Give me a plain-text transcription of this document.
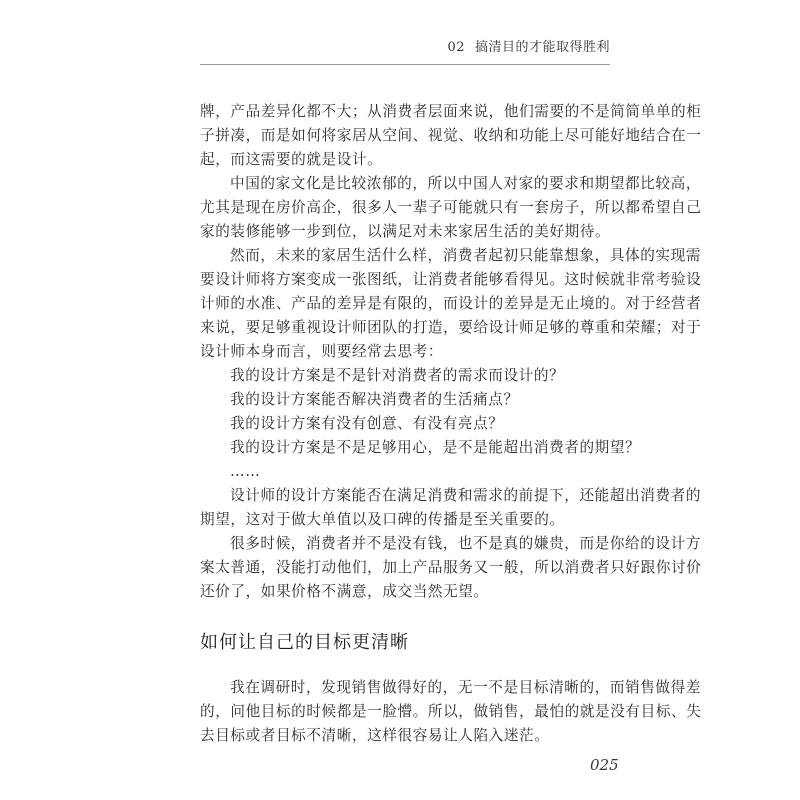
02 搞清目的才能取得胜利
牌，产品差异化都不大；从消费者层面来说，他们需要的不是简简单单的柜
子拼凑，而是如何将家居从空间、视觉、收纳和功能上尽可能好地结合在一
起，而这需要的就是设计。
中国的家文化是比较浓郁的，所以中国人对家的要求和期望都比较高，
尤其是现在房价高企，很多人一辈子可能就只有一套房子，所以都希望自己
家的装修能够一步到位，以满足对未来家居生活的美好期待。
然而，未来的家居生活什么样，消费者起初只能靠想象，具体的实现需
要设计师将方案变成一张图纸，让消费者能够看得见。这时候就非常考验设
计师的水准、产品的差异是有限的，而设计的差异是无止境的。对于经营者
来说，要足够重视设计师团队的打造，要给设计师足够的尊重和荣耀；对于
设计师本身而言，则要经常去思考：
我的设计方案是不是针对消费者的需求而设计的？
我的设计方案能否解决消费者的生活痛点？
我的设计方案有没有创意、有没有亮点？
我的设计方案是不是足够用心，是不是能超出消费者的期望？
……
设计师的设计方案能否在满足消费和需求的前提下，还能超出消费者的
期望，这对于做大单值以及口碑的传播是至关重要的。
很多时候，消费者并不是没有钱，也不是真的嫌贵，而是你给的设计方
案太普通，没能打动他们，加上产品服务又一般，所以消费者只好跟你讨价
还价了，如果价格不满意，成交当然无望。
如何让自己的目标更清晰
我在调研时，发现销售做得好的，无一不是目标清晰的，而销售做得差
的，问他目标的时候都是一脸懵。所以，做销售，最怕的就是没有目标、失
去目标或者目标不清晰，这样很容易让人陷入迷茫。
025
